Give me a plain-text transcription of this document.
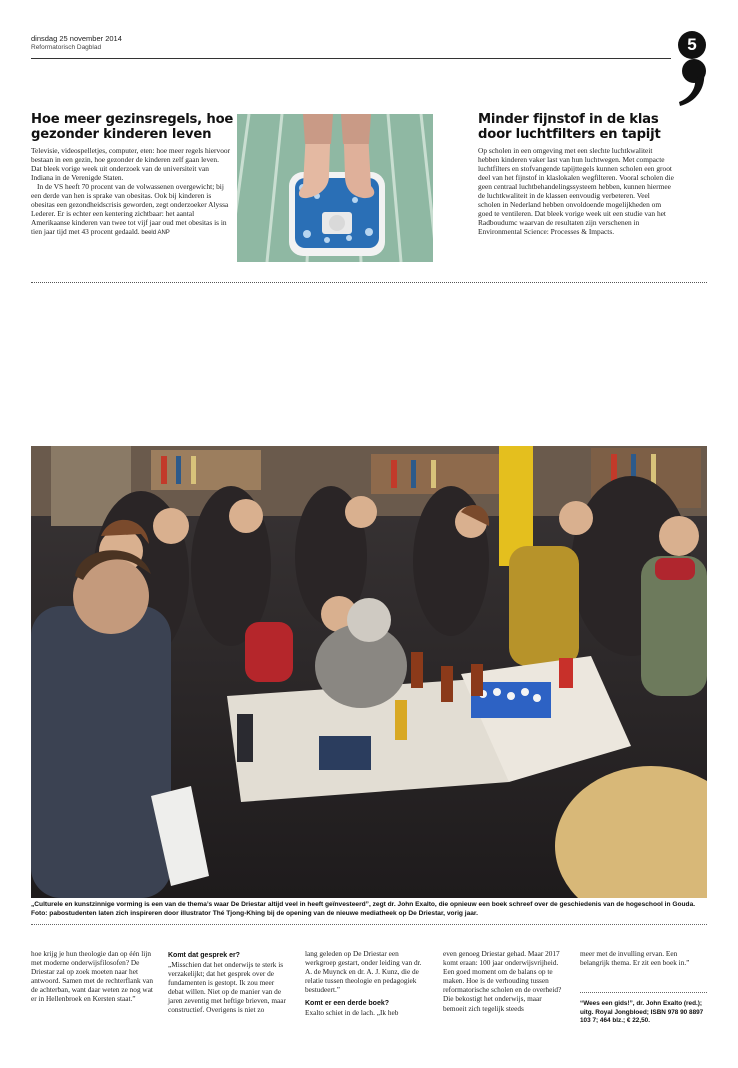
dinsdag 25 november 2014
Reformatorisch Dagblad	5
Hoe meer gezinsregels, hoe gezonder kinderen leven

Televisie, videospelletjes, computer, eten: hoe meer regels hiervoor bestaan in een gezin, hoe gezonder de kinderen zelf gaan leven. Dat bleek vorige week uit onderzoek van de universiteit van Indiana in de Verenigde Staten.

In de VS heeft 70 procent van de volwassenen overgewicht; bij een derde van hen is sprake van obesitas. Ook bij kinderen is obesitas een gezondheidscrisis geworden, zegt onderzoeker Alyssa Lederer. Er is echter een kentering zichtbaar: het aantal Amerikaanse kinderen van twee tot vijf jaar oud met obesitas is in tien jaar tijd met 43 procent gedaald. beeld ANP

Minder fijnstof in de klas door luchtfilters en tapijt

Op scholen in een omgeving met een slechte luchtkwaliteit hebben kinderen vaker last van hun luchtwegen. Met compacte luchtfilters en stofvangende tapijttegels kunnen scholen een groot deel van het fijnstof in klaslokalen wegfilteren. Vooral scholen die geen centraal luchtbehandelingssysteem hebben, kunnen hiermee de luchtkwaliteit in de klassen eenvoudig verbeteren. Veel scholen in Nederland hebben onvoldoende mogelijkheden om goed te ventileren. Dat bleek vorige week uit een studie van het Radboudumc waarvan de resultaten zijn verschenen in Environmental Science: Processes & Impacts.

„Culturele en kunstzinnige vorming is een van de thema’s waar De Driestar altijd veel in heeft geïnvesteerd”, zegt dr. John Exalto, die opnieuw een boek schreef over de geschiedenis van de hogeschool in Gouda. Foto: pabostudenten laten zich inspireren door illustrator Thé Tjong-Khing bij de opening van de nieuwe mediatheek op De Driestar, vorig jaar.

hoe krijg je hun theologie dan op één lijn met moderne onderwijsfilosofen? De Driestar zal op zoek moeten naar het antwoord. Samen met de rechterflank van de achterban, want daar weten ze nog wat er in Hellenbroek en Kersten staat.”

Komt dat gesprek er?

„Misschien dat het onderwijs te sterk is verzakelijkt; dat het gesprek over de fundamenten is gestopt. Ik zou meer debat willen. Niet op de manier van de jaren zeventig met heftige brieven, maar constructief. Overigens is niet zo

lang geleden op De Driestar een werkgroep gestart, onder leiding van dr. A. de Muynck en dr. A. J. Kunz, die de relatie tussen theologie en pedagogiek bestudeert.”

Komt er een derde boek?

Exalto schiet in de lach. „Ik heb

even genoeg Driestar gehad. Maar 2017 komt eraan: 100 jaar onderwijsvrijheid. Een goed moment om de balans op te maken. Hoe is de verhouding tussen reformatorische scholen en de overheid? Die bekostigt het onderwijs, maar bemoeit zich tegelijk steeds

meer met de invulling ervan. Een belangrijk thema. Er zit een boek in.”

“Wees een gids!”, dr. John Exalto (red.); uitg. Royal Jongbloed; ISBN 978 90 8897 103 7; 464 blz.; € 22,50.
